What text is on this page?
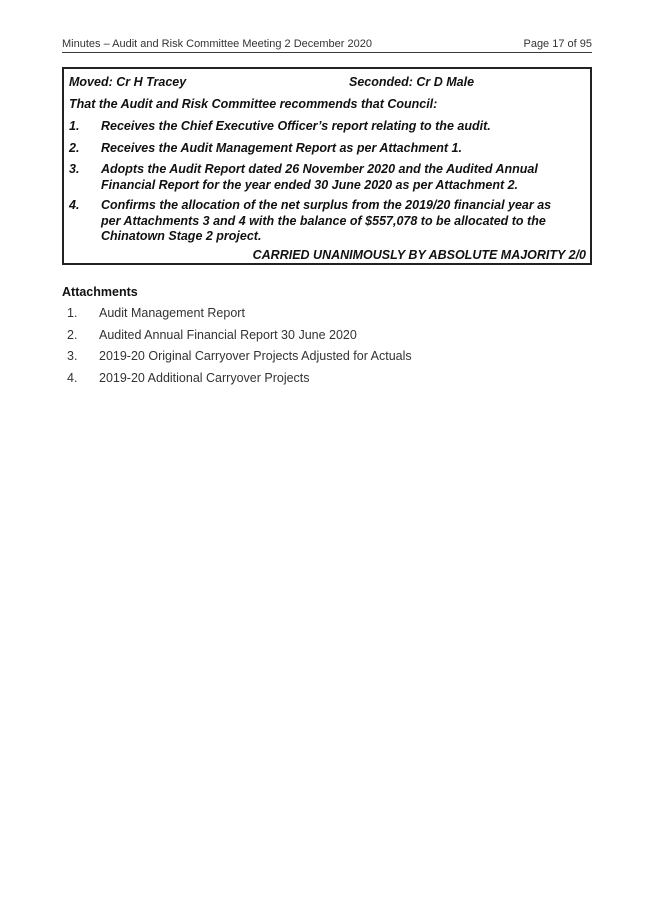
Minutes – Audit and Risk Committee Meeting 2 December 2020	Page 17 of 95
Moved: Cr H Tracey	Seconded: Cr D Male
That the Audit and Risk Committee recommends that Council:
1. Receives the Chief Executive Officer’s report relating to the audit.
2. Receives the Audit Management Report as per Attachment 1.
3. Adopts the Audit Report dated 26 November 2020 and the Audited Annual Financial Report for the year ended 30 June 2020 as per Attachment 2.
4. Confirms the allocation of the net surplus from the 2019/20 financial year as per Attachments 3 and 4 with the balance of $557,078 to be allocated to the Chinatown Stage 2 project.
CARRIED UNANIMOUSLY BY ABSOLUTE MAJORITY 2/0
Attachments
1. Audit Management Report
2. Audited Annual Financial Report 30 June 2020
3. 2019-20 Original Carryover Projects Adjusted for Actuals
4. 2019-20 Additional Carryover Projects
